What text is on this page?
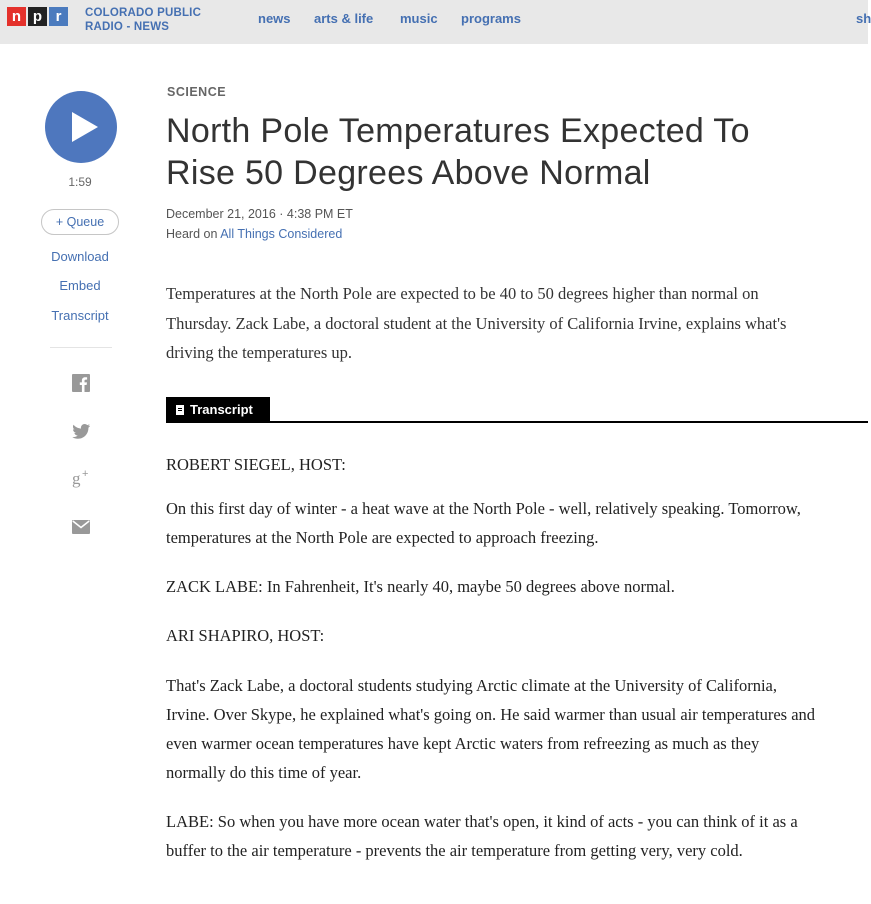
n p r	COLORADO PUBLIC
RADIO - NEWS
news arts & life music programs	sh
1:59
+ Queue
Download
Embed
Transcript
g +
SCIENCE
North Pole Temperatures Expected To
Rise 50 Degrees Above Normal
December 21, 2016 · 4:38 PM ET
Heard on All Things Considered
Temperatures at the North Pole are expected to be 40 to 50 degrees higher than normal on Thursday. Zack Labe, a doctoral student at the University of California Irvine, explains what's driving the temperatures up.
Transcript
ROBERT SIEGEL, HOST:
On this first day of winter - a heat wave at the North Pole - well, relatively speaking. Tomorrow, temperatures at the North Pole are expected to approach freezing.
ZACK LABE: In Fahrenheit, It's nearly 40, maybe 50 degrees above normal.
ARI SHAPIRO, HOST:
That's Zack Labe, a doctoral students studying Arctic climate at the University of California, Irvine. Over Skype, he explained what's going on. He said warmer than usual air temperatures and even warmer ocean temperatures have kept Arctic waters from refreezing as much as they normally do this time of year.
LABE: So when you have more ocean water that's open, it kind of acts - you can think of it as a buffer to the air temperature - prevents the air temperature from getting very, very cold.
